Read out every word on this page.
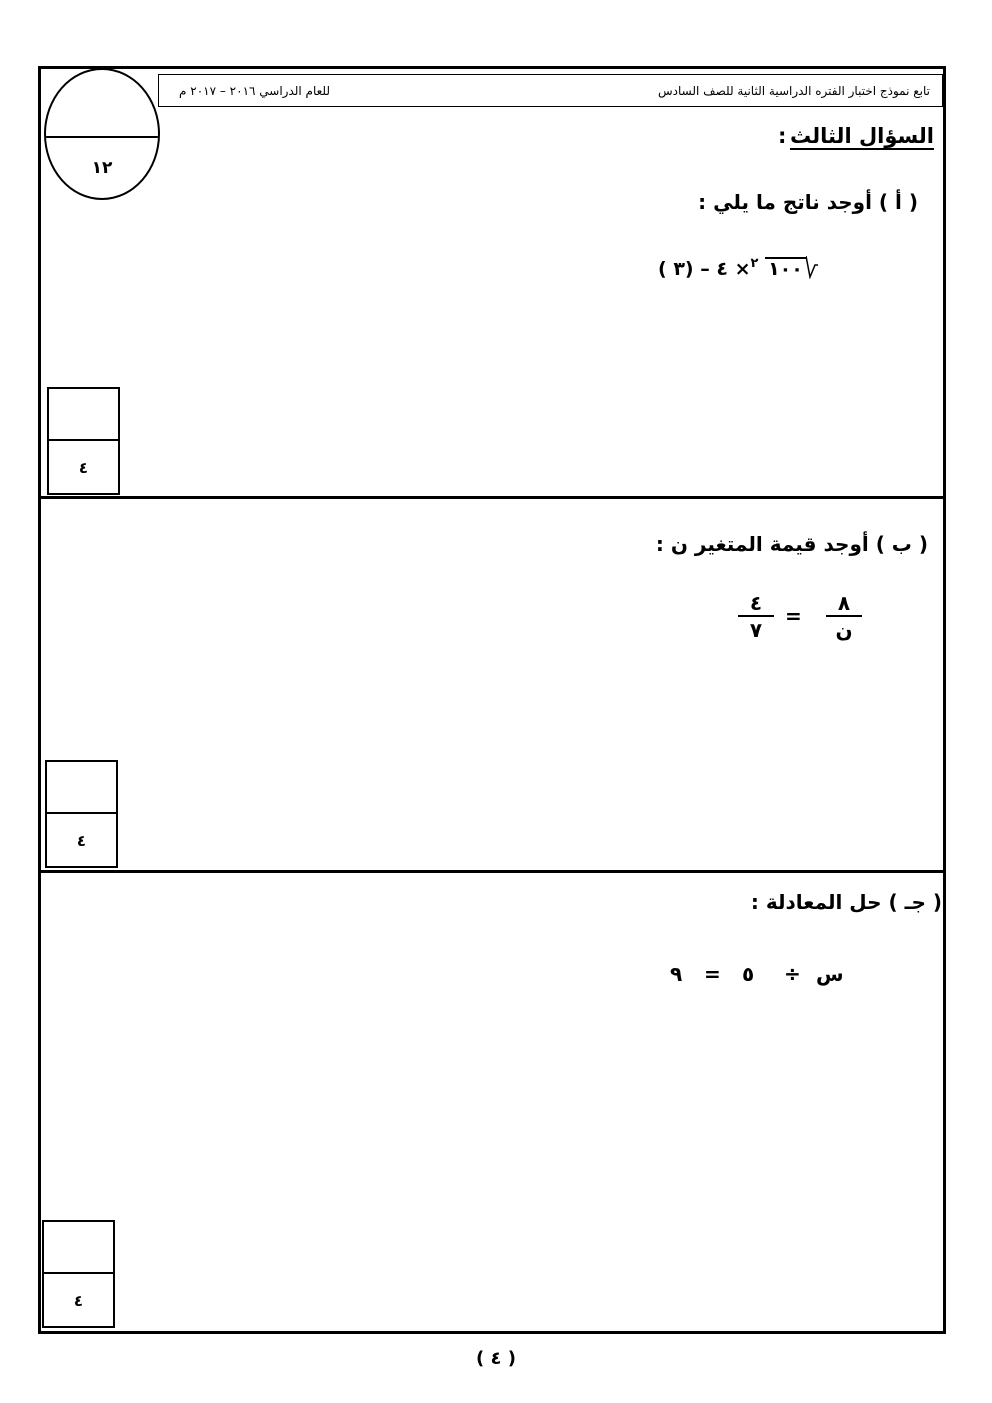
للعام الدراسي ٢٠١٦ – ٢٠١٧ م	تابع نموذج اختبار الفتره الدراسية الثانية للصف السادس
١٢
السؤال الثالث
:
( أ ) أوجد ناتج ما يلي :
$^٢$× ٤ – (٣ ) ١٠٠
٤
( ب ) أوجد قيمة المتغير ن :
٨
ن
=
٤
٧
٤
( جـ ) حل المعادلة :
س
÷
٥
=
٩
٤
( ٤ )
